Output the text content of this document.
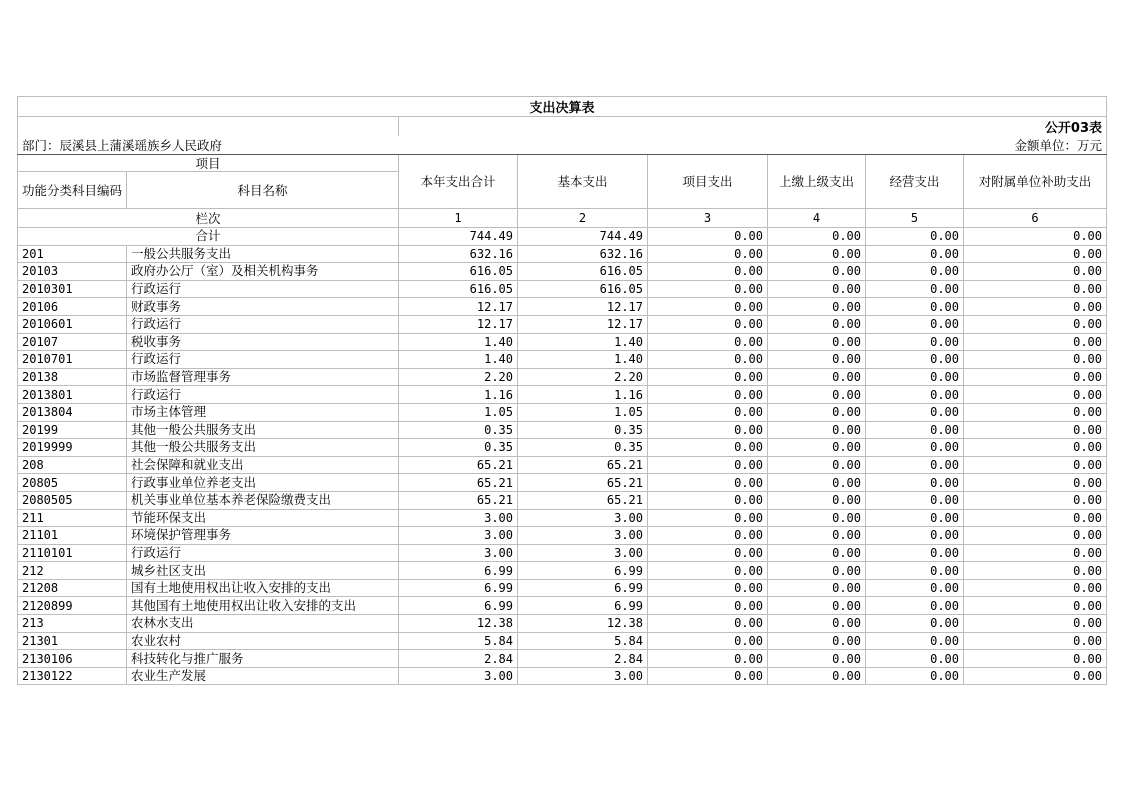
支出决算表							
		公开03表					
部门：辰溪县上蒲溪瑶族乡人民政府		金额单位：万元					
项目		本年支出合计	基本支出	项目支出	上缴上级支出	经营支出	对附属单位补助支出
功能分类科目编码	科目名称						
栏次		1	2	3	4	5	6
合计		744.49	744.49	0.00	0.00	0.00	0.00
201	一般公共服务支出	632.16	632.16	0.00	0.00	0.00	0.00
20103	政府办公厅（室）及相关机构事务	616.05	616.05	0.00	0.00	0.00	0.00
2010301	行政运行	616.05	616.05	0.00	0.00	0.00	0.00
20106	财政事务	12.17	12.17	0.00	0.00	0.00	0.00
2010601	行政运行	12.17	12.17	0.00	0.00	0.00	0.00
20107	税收事务	1.40	1.40	0.00	0.00	0.00	0.00
2010701	行政运行	1.40	1.40	0.00	0.00	0.00	0.00
20138	市场监督管理事务	2.20	2.20	0.00	0.00	0.00	0.00
2013801	行政运行	1.16	1.16	0.00	0.00	0.00	0.00
2013804	市场主体管理	1.05	1.05	0.00	0.00	0.00	0.00
20199	其他一般公共服务支出	0.35	0.35	0.00	0.00	0.00	0.00
2019999	其他一般公共服务支出	0.35	0.35	0.00	0.00	0.00	0.00
208	社会保障和就业支出	65.21	65.21	0.00	0.00	0.00	0.00
20805	行政事业单位养老支出	65.21	65.21	0.00	0.00	0.00	0.00
2080505	机关事业单位基本养老保险缴费支出	65.21	65.21	0.00	0.00	0.00	0.00
211	节能环保支出	3.00	3.00	0.00	0.00	0.00	0.00
21101	环境保护管理事务	3.00	3.00	0.00	0.00	0.00	0.00
2110101	行政运行	3.00	3.00	0.00	0.00	0.00	0.00
212	城乡社区支出	6.99	6.99	0.00	0.00	0.00	0.00
21208	国有土地使用权出让收入安排的支出	6.99	6.99	0.00	0.00	0.00	0.00
2120899	其他国有土地使用权出让收入安排的支出	6.99	6.99	0.00	0.00	0.00	0.00
213	农林水支出	12.38	12.38	0.00	0.00	0.00	0.00
21301	农业农村	5.84	5.84	0.00	0.00	0.00	0.00
2130106	科技转化与推广服务	2.84	2.84	0.00	0.00	0.00	0.00
2130122	农业生产发展	3.00	3.00	0.00	0.00	0.00	0.00
